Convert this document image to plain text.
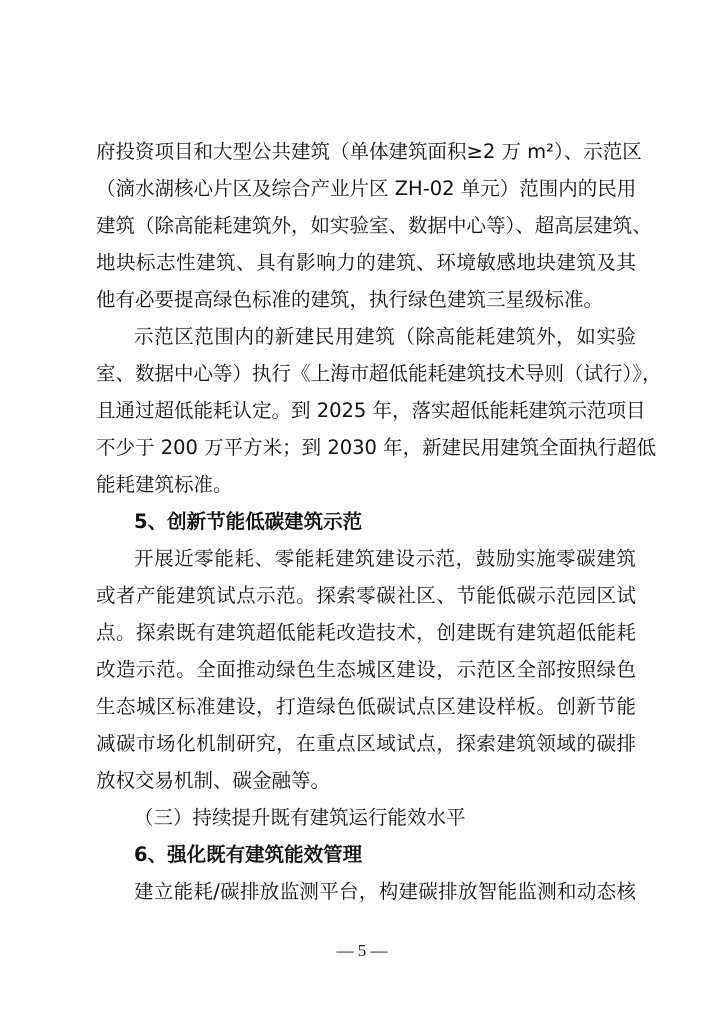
府投资项目和大型公共建筑（单体建筑面积≥2 万 m²）、示范区
（滴水湖核心片区及综合产业片区 ZH-02 单元）范围内的民用
建筑（除高能耗建筑外，如实验室、数据中心等）、超高层建筑、
地块标志性建筑、具有影响力的建筑、环境敏感地块建筑及其
他有必要提高绿色标准的建筑，执行绿色建筑三星级标准。
示范区范围内的新建民用建筑（除高能耗建筑外，如实验
室、数据中心等）执行《上海市超低能耗建筑技术导则（试行）》，
且通过超低能耗认定。到 2025 年，落实超低能耗建筑示范项目
不少于 200 万平方米；到 2030 年，新建民用建筑全面执行超低
能耗建筑标准。
5、创新节能低碳建筑示范
开展近零能耗、零能耗建筑建设示范，鼓励实施零碳建筑
或者产能建筑试点示范。探索零碳社区、节能低碳示范园区试
点。探索既有建筑超低能耗改造技术，创建既有建筑超低能耗
改造示范。全面推动绿色生态城区建设，示范区全部按照绿色
生态城区标准建设，打造绿色低碳试点区建设样板。创新节能
减碳市场化机制研究，在重点区域试点，探索建筑领域的碳排
放权交易机制、碳金融等。
（三）持续提升既有建筑运行能效水平
6、强化既有建筑能效管理
建立能耗/碳排放监测平台，构建碳排放智能监测和动态核
— 5 —
